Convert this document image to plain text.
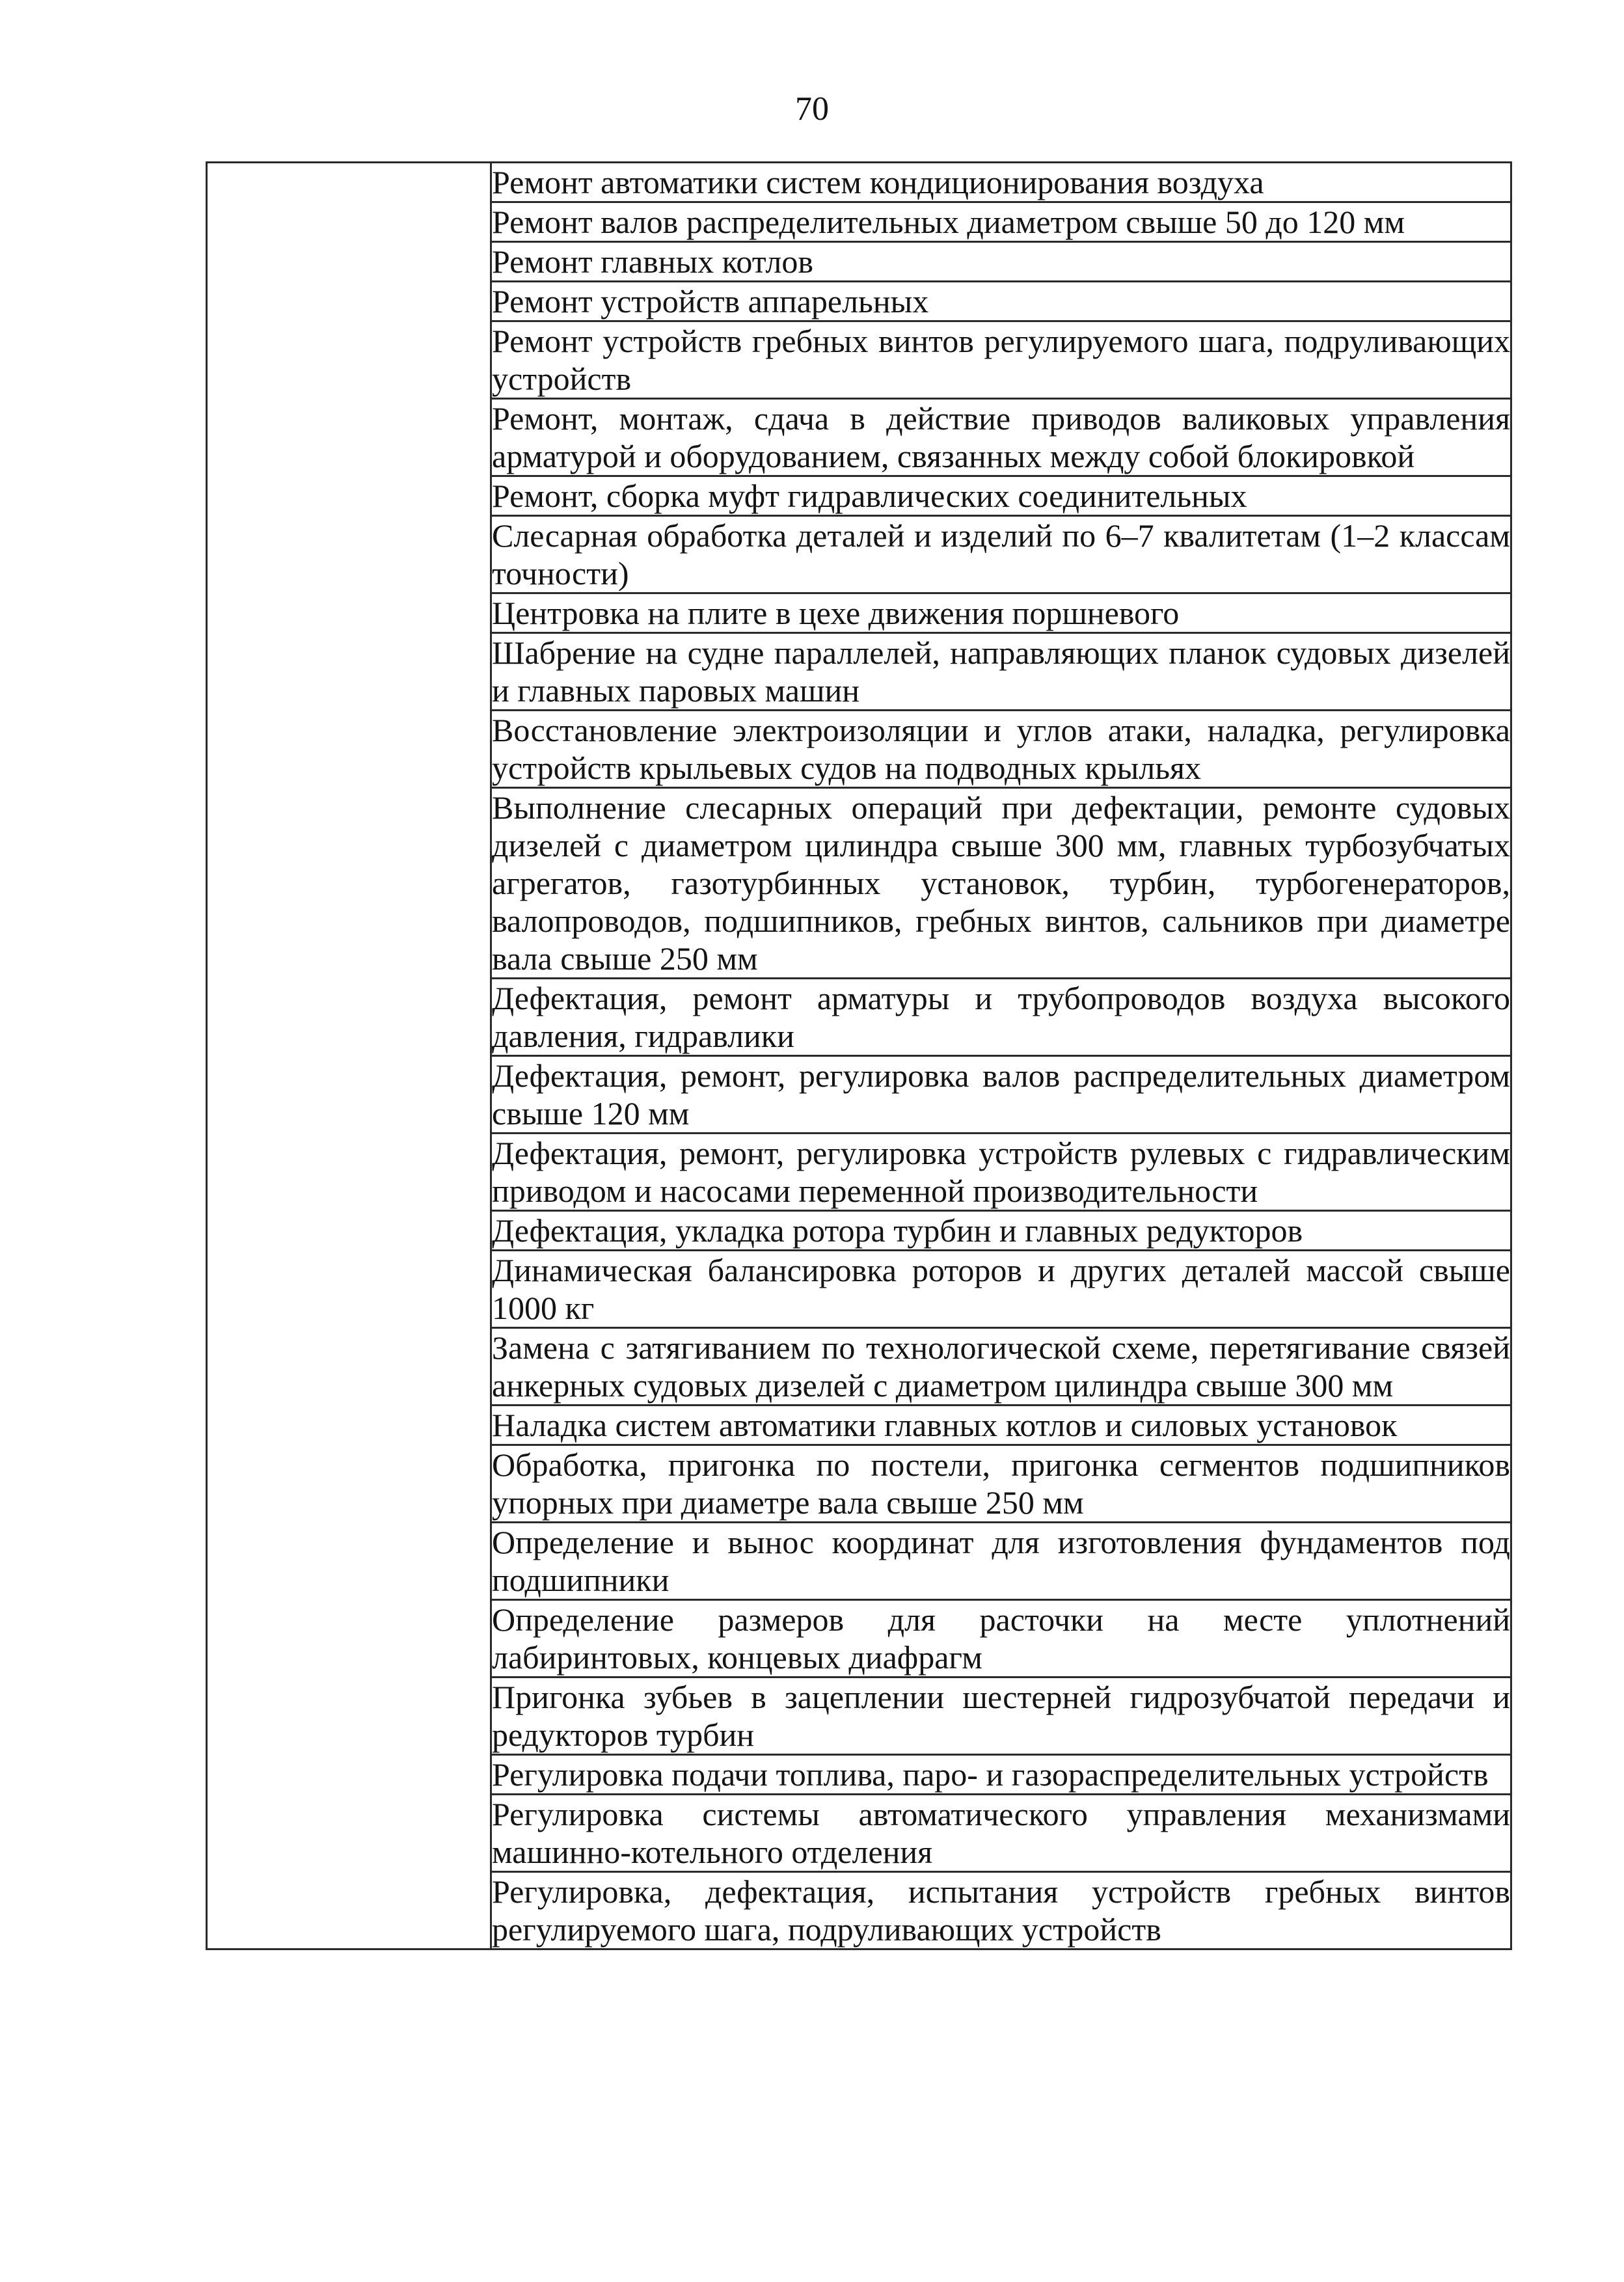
70
	Ремонт автоматики систем кондиционирования воздуха
Ремонт валов распределительных диаметром свыше 50 до 120 мм
Ремонт главных котлов
Ремонт устройств аппарельных
Ремонт устройств гребных винтов регулируемого шага, подруливающих устройств
Ремонт, монтаж, сдача в действие приводов валиковых управления арматурой и оборудованием, связанных между собой блокировкой
Ремонт, сборка муфт гидравлических соединительных
Слесарная обработка деталей и изделий по 6–7 квалитетам (1–2 классам точности)
Центровка на плите в цехе движения поршневого
Шабрение на судне параллелей, направляющих планок судовых дизелей и главных паровых машин
Восстановление электроизоляции и углов атаки, наладка, регулировка устройств крыльевых судов на подводных крыльях
Выполнение слесарных операций при дефектации, ремонте судовых дизелей с диаметром цилиндра свыше 300 мм, главных турбозубчатых агрегатов, газотурбинных установок, турбин, турбогенераторов, валопроводов, подшипников, гребных винтов, сальников при диаметре вала свыше 250 мм
Дефектация, ремонт арматуры и трубопроводов воздуха высокого давления, гидравлики
Дефектация, ремонт, регулировка валов распределительных диаметром свыше 120 мм
Дефектация, ремонт, регулировка устройств рулевых с гидравлическим приводом и насосами переменной производительности
Дефектация, укладка ротора турбин и главных редукторов
Динамическая балансировка роторов и других деталей массой свыше 1000 кг
Замена с затягиванием по технологической схеме, перетягивание связей анкерных судовых дизелей с диаметром цилиндра свыше 300 мм
Наладка систем автоматики главных котлов и силовых установок
Обработка, пригонка по постели, пригонка сегментов подшипников упорных при диаметре вала свыше 250 мм
Определение и вынос координат для изготовления фундаментов под подшипники
Определение размеров для расточки на месте уплотнений лабиринтовых, концевых диафрагм
Пригонка зубьев в зацеплении шестерней гидрозубчатой передачи и редукторов турбин
Регулировка подачи топлива, паро- и газораспределительных устройств
Регулировка системы автоматического управления механизмами машинно-котельного отделения
Регулировка, дефектация, испытания устройств гребных винтов регулируемого шага, подруливающих устройств
